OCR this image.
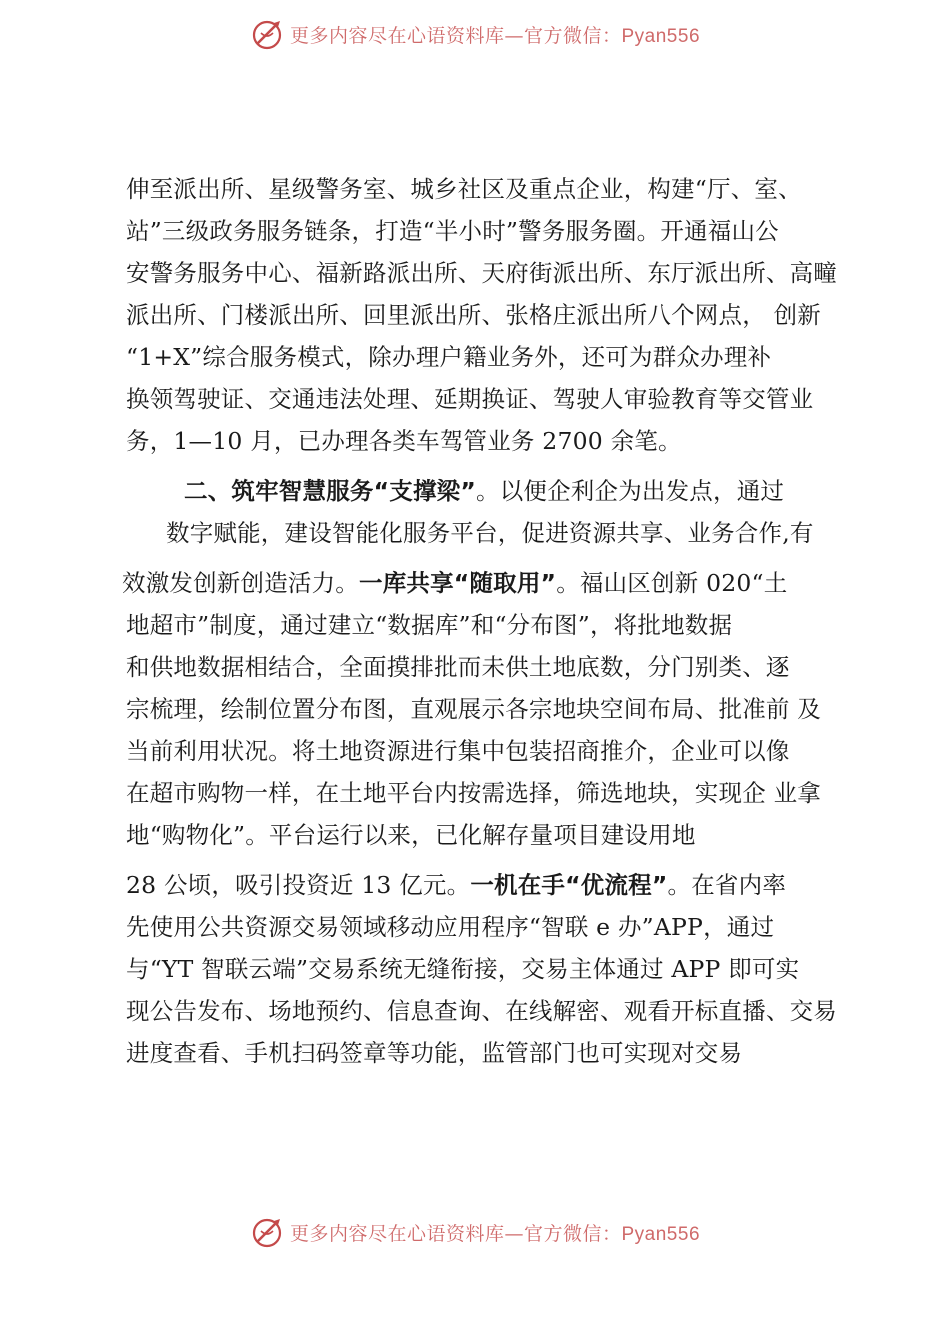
更多内容尽在心语资料库—官方微信：Pyan556
伸至派出所、星级警务室、城乡社区及重点企业，构建“厅、室、
站”三级政务服务链条，打造“半小时”警务服务圈。开通福山公
安警务服务中心、福新路派出所、天府街派出所、东厅派出所、高疃
派出所、门楼派出所、回里派出所、张格庄派出所八个网点， 创新
“1+X”综合服务模式，除办理户籍业务外，还可为群众办理补
换领驾驶证、交通违法处理、延期换证、驾驶人审验教育等交管业
务，1—10 月，已办理各类车驾管业务 2700 余笔。
二、筑牢智慧服务“支撑梁”。以便企利企为出发点，通过
数字赋能，建设智能化服务平台，促进资源共享、业务合作,有
效激发创新创造活力。一库共享“随取用”。福山区创新 020“土
地超市”制度，通过建立“数据库”和“分布图”，将批地数据
和供地数据相结合，全面摸排批而未供土地底数，分门别类、逐
宗梳理，绘制位置分布图，直观展示各宗地块空间布局、批准前 及
当前利用状况。将土地资源进行集中包装招商推介，企业可以像
在超市购物一样，在土地平台内按需选择，筛选地块，实现企 业拿
地“购物化”。平台运行以来，已化解存量项目建设用地
28 公顷，吸引投资近 13 亿元。一机在手“优流程”。在省内率
先使用公共资源交易领域移动应用程序“智联 e 办”APP，通过
与“YT 智联云端”交易系统无缝衔接，交易主体通过 APP 即可实
现公告发布、场地预约、信息查询、在线解密、观看开标直播、交易
进度查看、手机扫码签章等功能，监管部门也可实现对交易
更多内容尽在心语资料库—官方微信：Pyan556
